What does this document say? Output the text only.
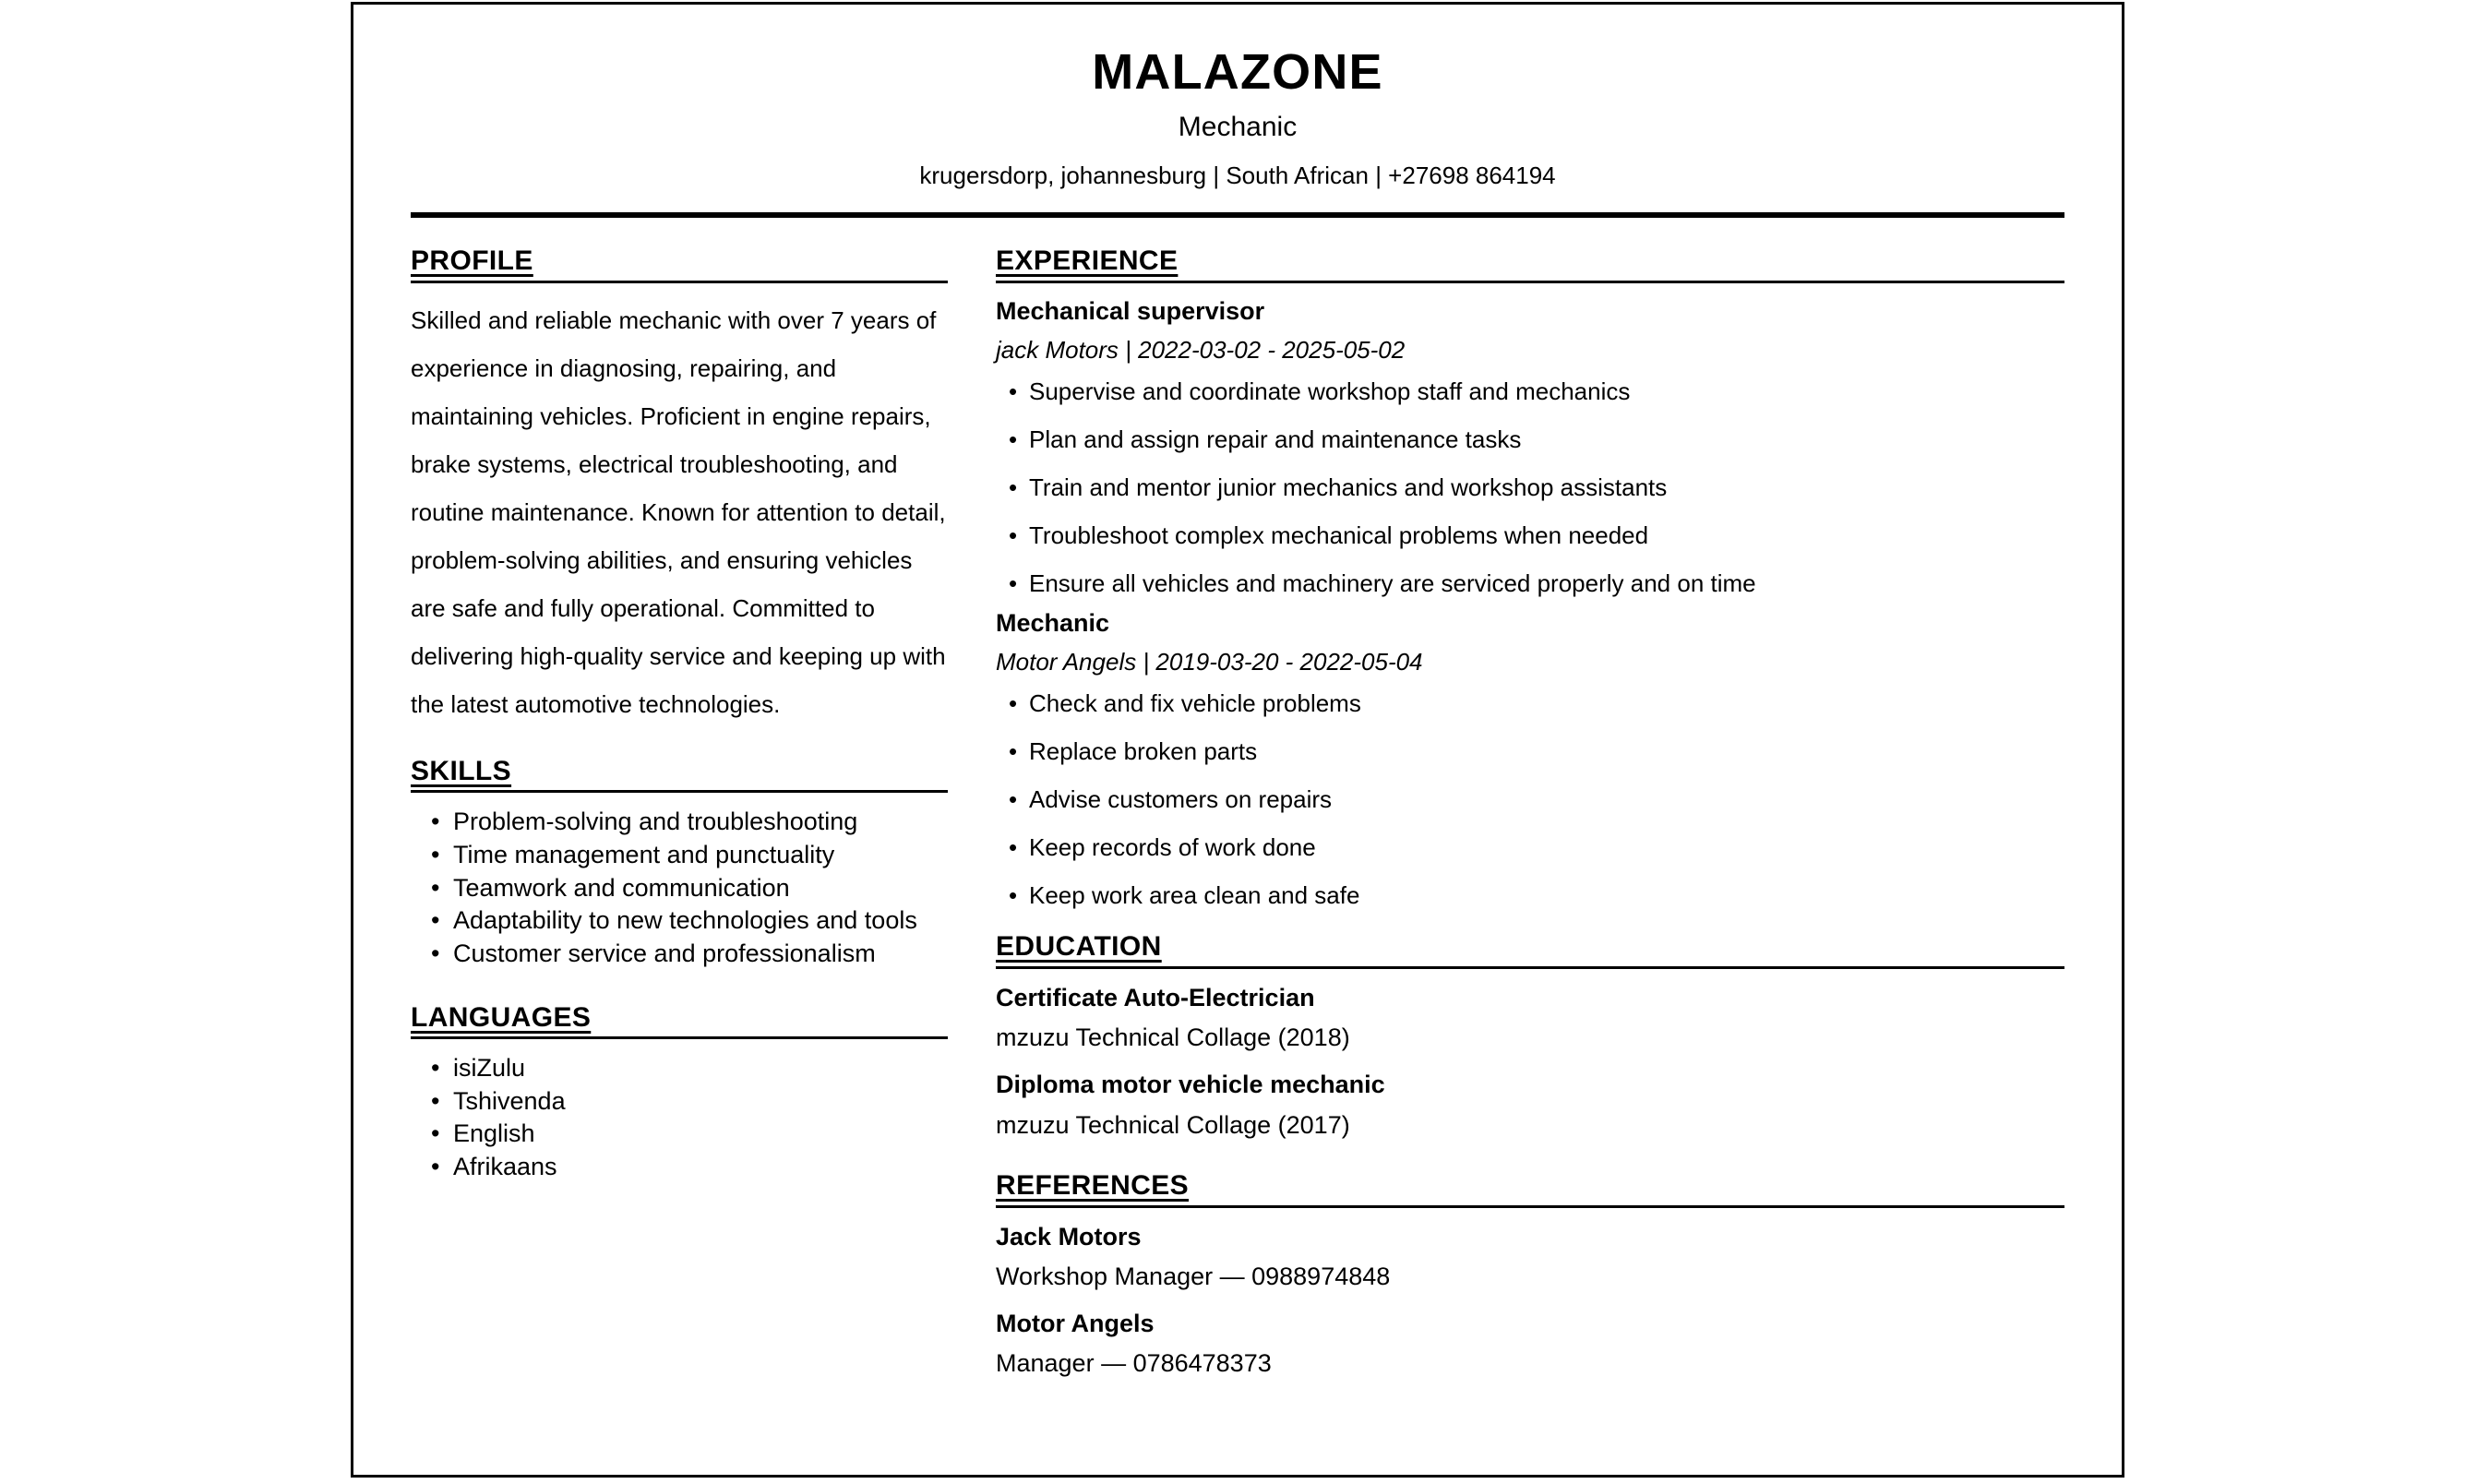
MALAZONE
Mechanic
krugersdorp, johannesburg | South African | +27698 864194
PROFILE

Skilled and reliable mechanic with over 7 years of experience in diagnosing, repairing, and maintaining vehicles. Proficient in engine repairs, brake systems, electrical troubleshooting, and routine maintenance. Known for attention to detail, problem-solving abilities, and ensuring vehicles are safe and fully operational. Committed to delivering high-quality service and keeping up with the latest automotive technologies.

SKILLS
• Problem-solving and troubleshooting
• Time management and punctuality
• Teamwork and communication
• Adaptability to new technologies and tools
• Customer service and professionalism
LANGUAGES
• isiZulu
• Tshivenda
• English
• Afrikaans
EXPERIENCE
Mechanical supervisor
jack Motors | 2022-03-02 - 2025-05-02
• Supervise and coordinate workshop staff and mechanics
• Plan and assign repair and maintenance tasks
• Train and mentor junior mechanics and workshop assistants
• Troubleshoot complex mechanical problems when needed
• Ensure all vehicles and machinery are serviced properly and on time
Mechanic
Motor Angels | 2019-03-20 - 2022-05-04
• Check and fix vehicle problems
• Replace broken parts
• Advise customers on repairs
• Keep records of work done
• Keep work area clean and safe
EDUCATION
Certificate Auto-Electrician
mzuzu Technical Collage (2018)
Diploma motor vehicle mechanic
mzuzu Technical Collage (2017)
REFERENCES
Jack Motors
Workshop Manager — 0988974848
Motor Angels
Manager — 0786478373
